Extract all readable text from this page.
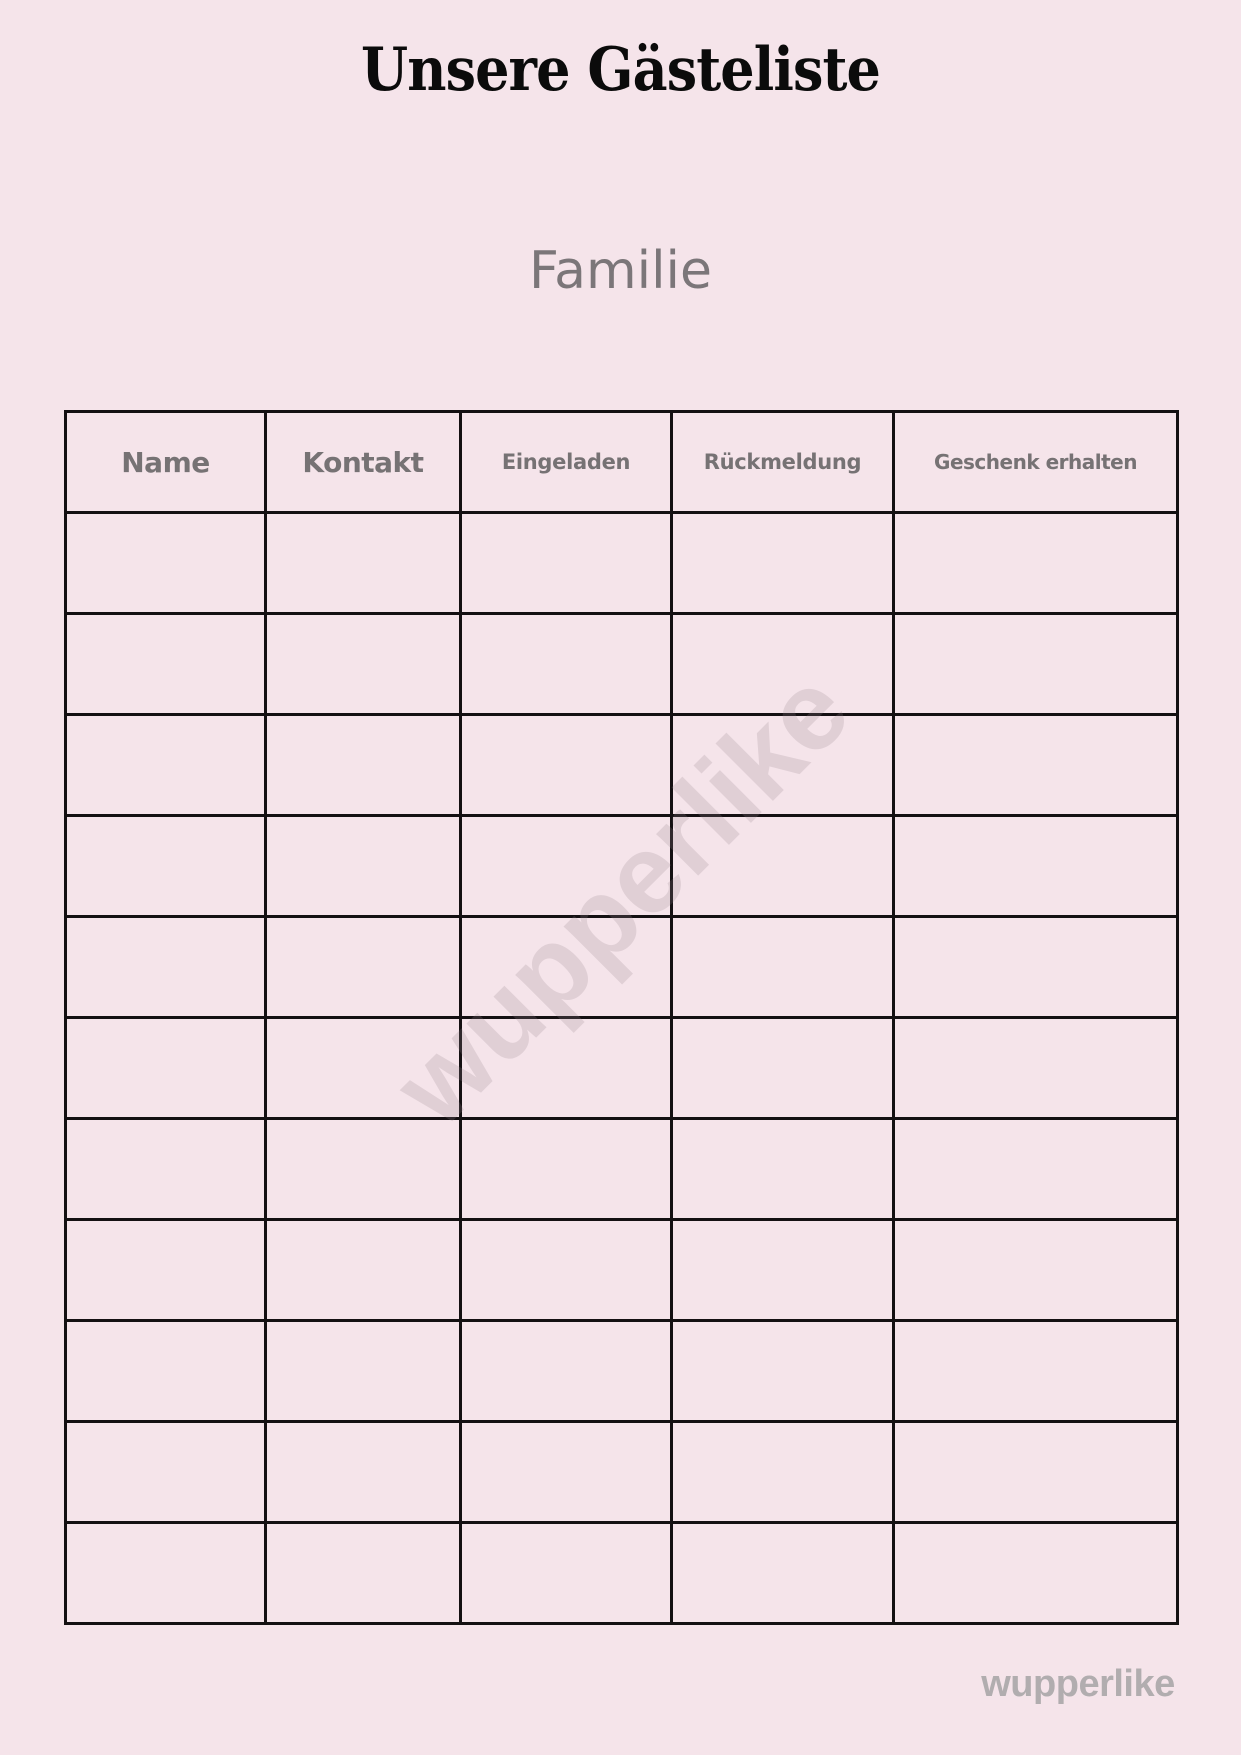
Unsere Gästeliste
Familie
Name	Kontakt	Eingeladen	Rückmeldung	Geschenk erhalten

wupperlike
wupperlike
